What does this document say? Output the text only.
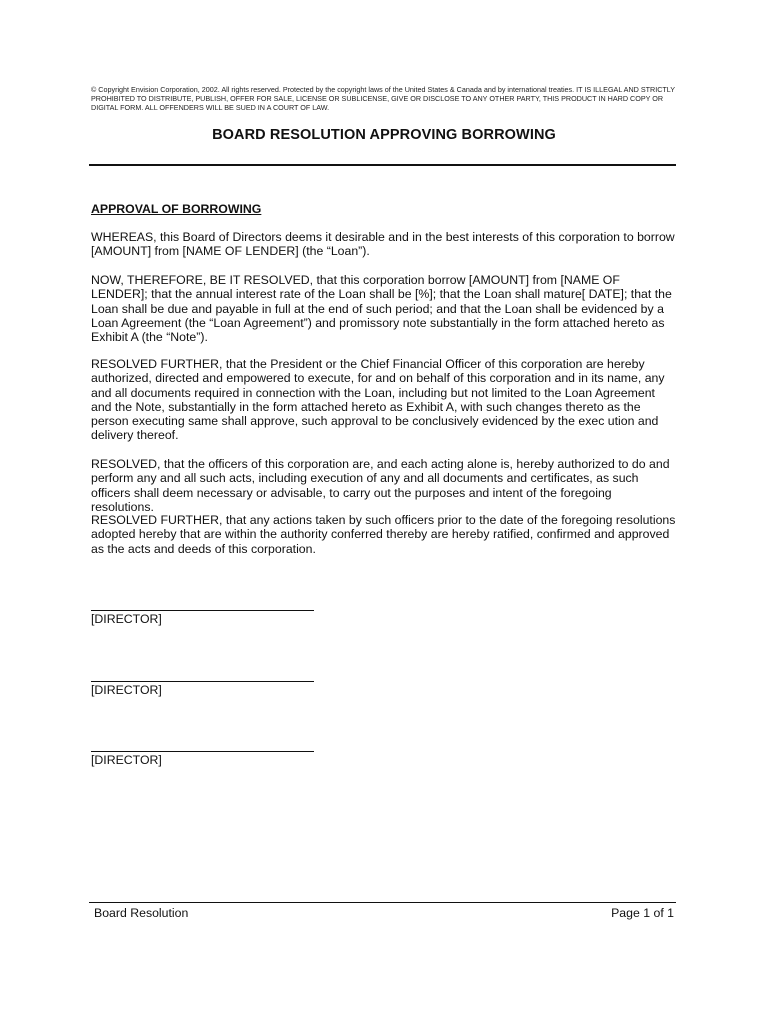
© Copyright Envision Corporation, 2002. All rights reserved. Protected by the copyright laws of the United States & Canada and by international treaties. IT IS ILLEGAL AND STRICTLY PROHIBITED TO DISTRIBUTE, PUBLISH, OFFER FOR SALE, LICENSE OR SUBLICENSE, GIVE OR DISCLOSE TO ANY OTHER PARTY, THIS PRODUCT IN HARD COPY OR DIGITAL FORM. ALL OFFENDERS WILL BE SUED IN A COURT OF LAW.
BOARD RESOLUTION APPROVING BORROWING
APPROVAL OF BORROWING

WHEREAS, this Board of Directors deems it desirable and in the best interests of this corporation to borrow [AMOUNT] from [NAME OF LENDER] (the “Loan”).

NOW, THEREFORE, BE IT RESOLVED, that this corporation borrow [AMOUNT] from [NAME OF LENDER]; that the annual interest rate of the Loan shall be [%]; that the Loan shall mature[ DATE]; that the Loan shall be due and payable in full at the end of such period; and that the Loan shall be evidenced by a Loan Agreement (the “Loan Agreement”) and promissory note substantially in the form attached hereto as Exhibit A (the “Note”).

RESOLVED FURTHER, that the President or the Chief Financial Officer of this corporation are hereby authorized, directed and empowered to execute, for and on behalf of this corporation and in its name, any and all documents required in connection with the Loan, including but not limited to the Loan Agreement and the Note, substantially in the form attached hereto as Exhibit A, with such changes thereto as the person executing same shall approve, such approval to be conclusively evidenced by the exec ution and delivery thereof.

RESOLVED, that the officers of this corporation are, and each acting alone is, hereby authorized to do and perform any and all such acts, including execution of any and all documents and certificates, as such officers shall deem necessary or advisable, to carry out the purposes and intent of the foregoing resolutions.

RESOLVED FURTHER, that any actions taken by such officers prior to the date of the foregoing resolutions adopted hereby that are within the authority conferred thereby are hereby ratified, confirmed and approved as the acts and deeds of this corporation.

[DIRECTOR]
[DIRECTOR]
[DIRECTOR]
Board Resolution	Page 1 of 1
